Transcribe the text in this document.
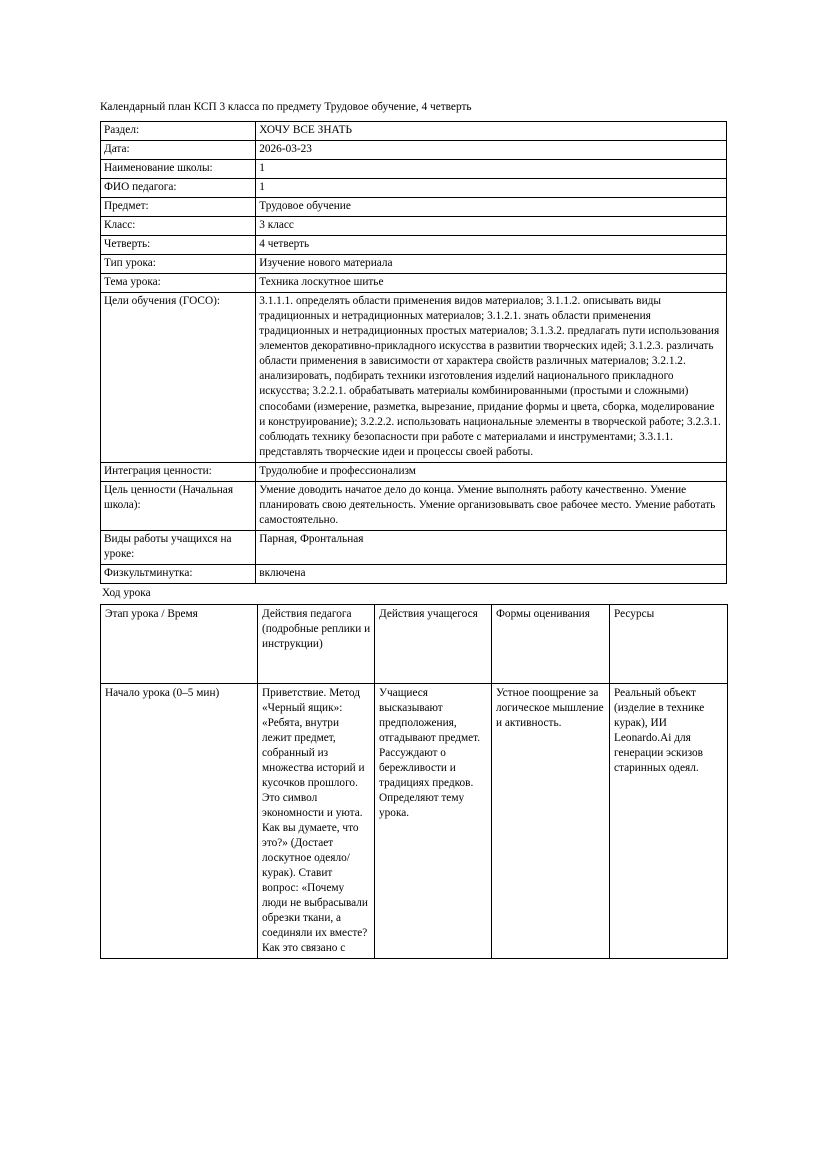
Календарный план КСП 3 класса по предмету Трудовое обучение, 4 четверть

Раздел:	ХОЧУ ВСЕ ЗНАТЬ
Дата:	2026-03-23
Наименование школы:	1
ФИО педагога:	1
Предмет:	Трудовое обучение
Класс:	3 класс
Четверть:	4 четверть
Тип урока:	Изучение нового материала
Тема урока:	Техника лоскутное шитье
Цели обучения (ГОСО):	3.1.1.1. определять области применения видов материалов; 3.1.1.2. описывать виды традиционных и нетрадиционных материалов; 3.1.2.1. знать области применения традиционных и нетрадиционных простых материалов; 3.1.3.2. предлагать пути использования элементов декоративно-прикладного искусства в развитии творческих идей; 3.1.2.3. различать области применения в зависимости от характера свойств различных материалов; 3.2.1.2. анализировать, подбирать техники изготовления изделий национального прикладного искусства; 3.2.2.1. обрабатывать материалы комбинированными (простыми и сложными) способами (измерение, разметка, вырезание, придание формы и цвета, сборка, моделирование и конструирование); 3.2.2.2. использовать национальные элементы в творческой работе; 3.2.3.1. соблюдать технику безопасности при работе с материалами и инструментами; 3.3.1.1. представлять творческие идеи и процессы своей работы.
Интеграция ценности:	Трудолюбие и профессионализм
Цель ценности (Начальная школа):	Умение доводить начатое дело до конца. Умение выполнять работу качественно. Умение планировать свою деятельность. Умение организовывать свое рабочее место. Умение работать самостоятельно.
Виды работы учащихся на уроке:	Парная, Фронтальная
Физкультминутка:	включена

Ход урока

Этап урока / Время	Действия педагога (подробные реплики и инструкции)	Действия учащегося	Формы оценивания	Ресурсы
Начало урока (0–5 мин)	Приветствие. Метод «Черный ящик»: «Ребята, внутри лежит предмет, собранный из множества историй и кусочков прошлого. Это символ экономности и уюта. Как вы думаете, что это?» (Достает лоскутное одеяло/курак). Ставит вопрос: «Почему люди не выбрасывали обрезки ткани, а соединяли их вместе? Как это связано с	Учащиеся высказывают предположения, отгадывают предмет. Рассуждают о бережливости и традициях предков. Определяют тему урока.	Устное поощрение за логическое мышление и активность.	Реальный объект (изделие в технике курак), ИИ Leonardo.Ai для генерации эскизов старинных одеял.
